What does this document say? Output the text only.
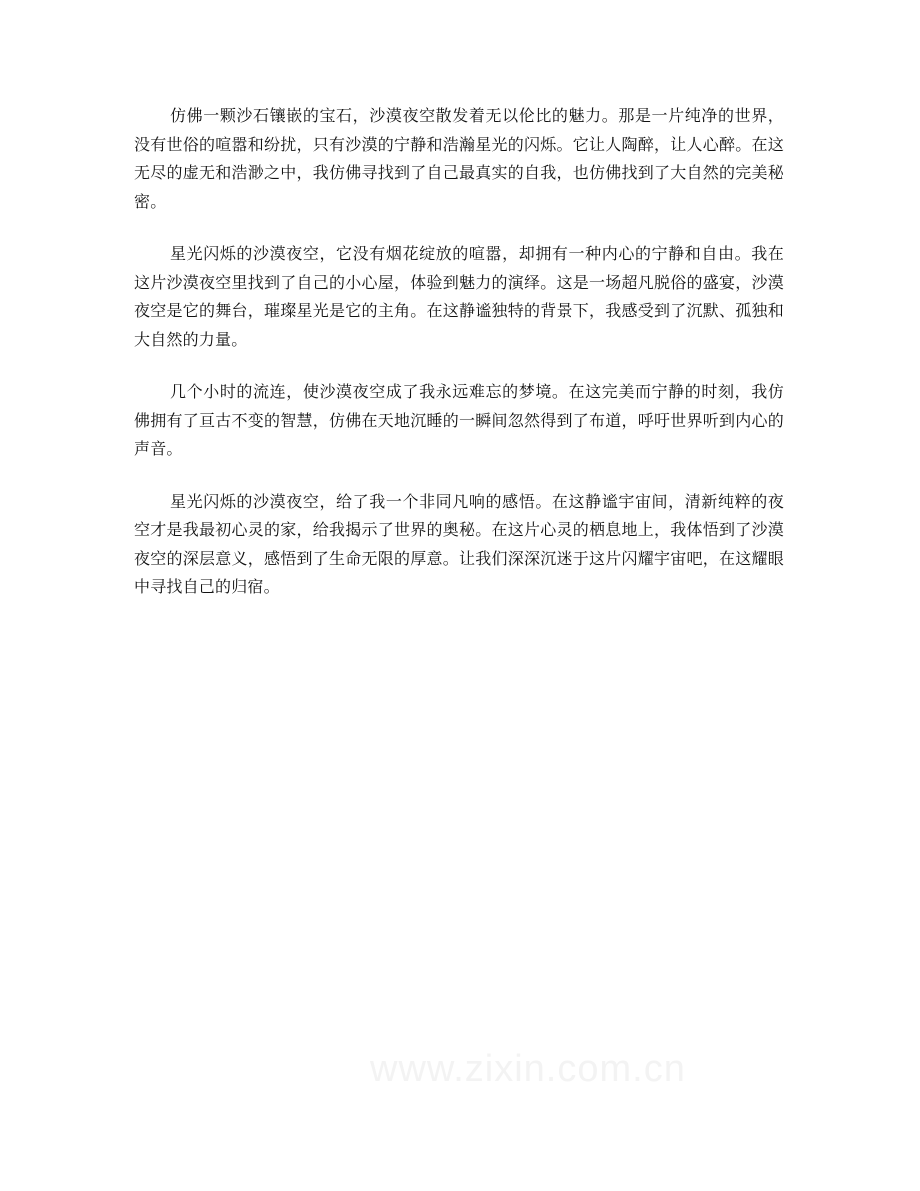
仿佛一颗沙石镶嵌的宝石，沙漠夜空散发着无以伦比的魅力。那是一片纯净的世界，没有世俗的喧嚣和纷扰，只有沙漠的宁静和浩瀚星光的闪烁。它让人陶醉，让人心醉。在这无尽的虚无和浩渺之中，我仿佛寻找到了自己最真实的自我，也仿佛找到了大自然的完美秘密。

星光闪烁的沙漠夜空，它没有烟花绽放的喧嚣，却拥有一种内心的宁静和自由。我在这片沙漠夜空里找到了自己的小心屋，体验到魅力的演绎。这是一场超凡脱俗的盛宴，沙漠夜空是它的舞台，璀璨星光是它的主角。在这静谧独特的背景下，我感受到了沉默、孤独和大自然的力量。

几个小时的流连，使沙漠夜空成了我永远难忘的梦境。在这完美而宁静的时刻，我仿佛拥有了亘古不变的智慧，仿佛在天地沉睡的一瞬间忽然得到了布道，呼吁世界听到内心的声音。

星光闪烁的沙漠夜空，给了我一个非同凡响的感悟。在这静谧宇宙间，清新纯粹的夜空才是我最初心灵的家，给我揭示了世界的奥秘。在这片心灵的栖息地上，我体悟到了沙漠夜空的深层意义，感悟到了生命无限的厚意。让我们深深沉迷于这片闪耀宇宙吧，在这耀眼中寻找自己的归宿。

www.zixin.com.cn
